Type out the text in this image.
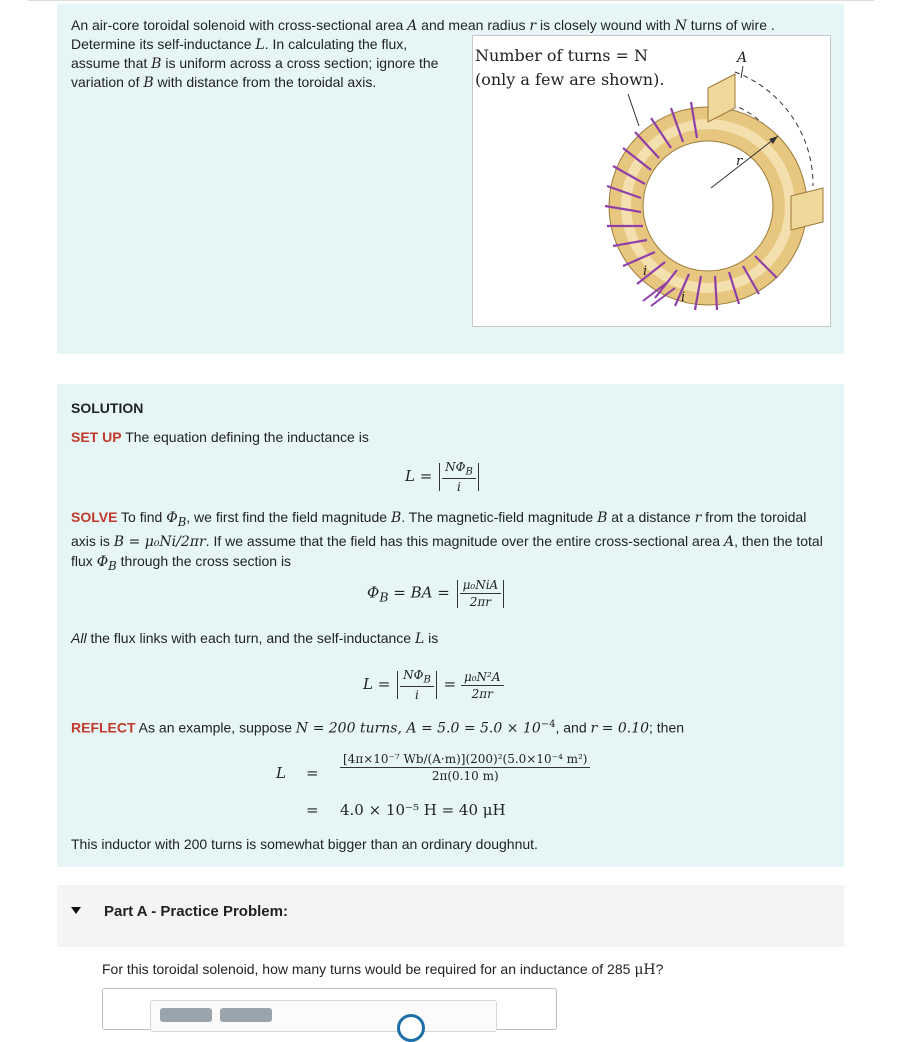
An air-core toroidal solenoid with cross-sectional area A and mean radius r is closely wound with N turns of wire .
Determine its self-inductance L. In calculating the flux,
assume that B is uniform across a cross section; ignore the
variation of B with distance from the toroidal axis.
Number of turns = N
(only a few are shown).
A
r
i
i
SOLUTION
SET UP The equation defining the inductance is
$L = \frac{N\Phi_B}{i}$
SOLVE To find $\Phi_B$, we first find the field magnitude B. The magnetic-field magnitude B at a distance r from the toroidal axis is B = μ₀Ni/2πr. If we assume that the field has this magnitude over the entire cross-sectional area A, then the total flux $\Phi_B$ through the cross section is
$\Phi_B$ = BA = $\frac{\text{μ₀NiA}}{2\pi r}$
All the flux links with each turn, and the self-inductance L is
$L = \frac{N\Phi_B}{i} = \frac{\text{μ₀N²A}}{2\pi r}$
REFLECT As an example, suppose N = 200 turns, $A = 5.0 = 5.0 \times 10^{-4}$, and r = 0.10; then
$L = \frac{\text{[4π×10⁻⁷ Wb/(A·m)](200)²(5.0×10⁻⁴ m²)}}{2\pi(0.10 m)}$
= 4.0 × 10⁻⁵ H = 40 μH
This inductor with 200 turns is somewhat bigger than an ordinary doughnut.
Part A - Practice Problem:
For this toroidal solenoid, how many turns would be required for an inductance of 285 μH?
